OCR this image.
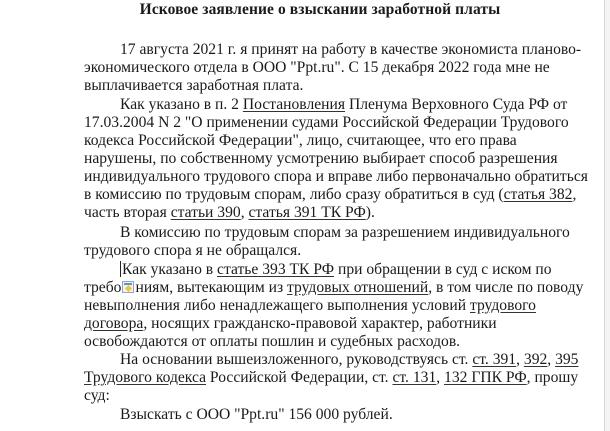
Исковое заявление о взыскании заработной платы
17 августа 2021 г. я принят на работу в качестве экономиста планово-
экономического отдела в ООО "Ppt.ru". С 15 декабря 2022 года мне не
выплачивается заработная плата.
Как указано в п. 2 Постановления Пленума Верховного Суда РФ от
17.03.2004 N 2 "О применении судами Российской Федерации Трудового
кодекса Российской Федерации", лицо, считающее, что его права
нарушены, по собственному усмотрению выбирает способ разрешения
индивидуального трудового спора и вправе либо первоначально обратиться
в комиссию по трудовым спорам, либо сразу обратиться в суд (статья 382,
часть вторая статьи 390, статья 391 ТК РФ).
В комиссию по трудовым спорам за разрешением индивидуального
трудового спора я не обращался.
Как указано в статье 393 ТК РФ при обращении в суд с иском по
требо ниям, вытекающим из трудовых отношений, в том числе по поводу
невыполнения либо ненадлежащего выполнения условий трудового
договора, носящих гражданско-правовой характер, работники
освобождаются от оплаты пошлин и судебных расходов.
На основании вышеизложенного, руководствуясь ст. ст. 391, 392, 395
Трудового кодекса Российской Федерации, ст. ст. 131, 132 ГПК РФ, прошу
суд:
Взыскать с ООО "Ppt.ru" 156 000 рублей.
